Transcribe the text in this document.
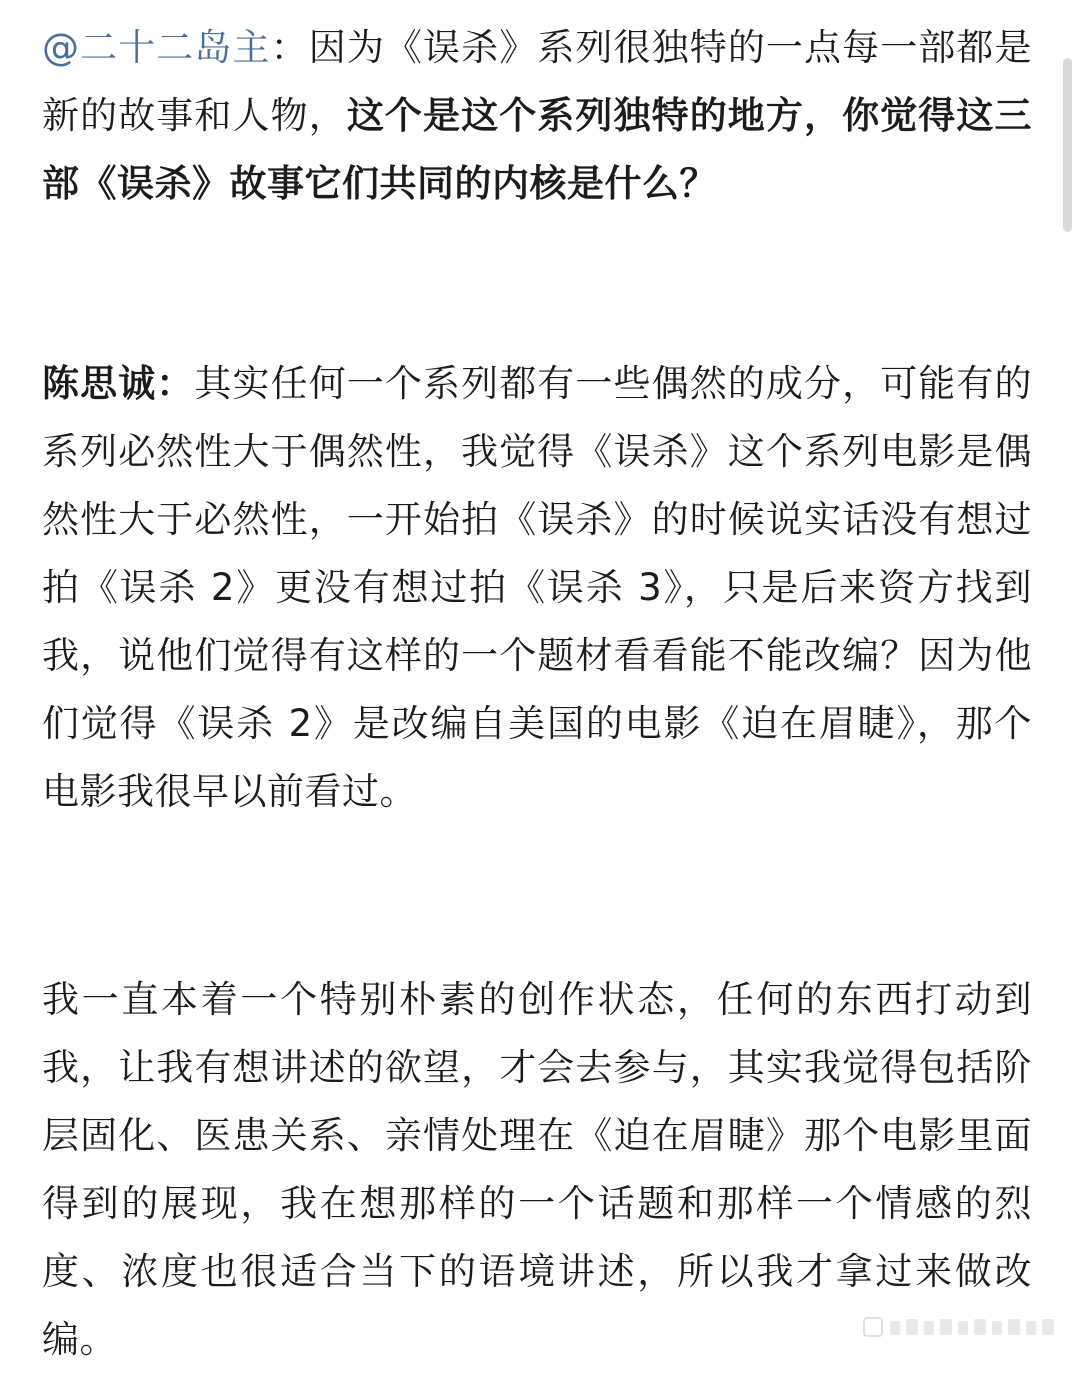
@二十二岛主：因为《误杀》系列很独特的一点每一部都是新的故事和人物，这个是这个系列独特的地方，你觉得这三部《误杀》故事它们共同的内核是什么？

陈思诚：其实任何一个系列都有一些偶然的成分，可能有的系列必然性大于偶然性，我觉得《误杀》这个系列电影是偶然性大于必然性，一开始拍《误杀》的时候说实话没有想过拍《误杀 2》更没有想过拍《误杀 3》，只是后来资方找到我，说他们觉得有这样的一个题材看看能不能改编？因为他们觉得《误杀 2》是改编自美国的电影《迫在眉睫》，那个电影我很早以前看过。

我一直本着一个特别朴素的创作状态，任何的东西打动到我，让我有想讲述的欲望，才会去参与，其实我觉得包括阶层固化、医患关系、亲情处理在《迫在眉睫》那个电影里面得到的展现，我在想那样的一个话题和那样一个情感的烈度、浓度也很适合当下的语境讲述，所以我才拿过来做改编。
